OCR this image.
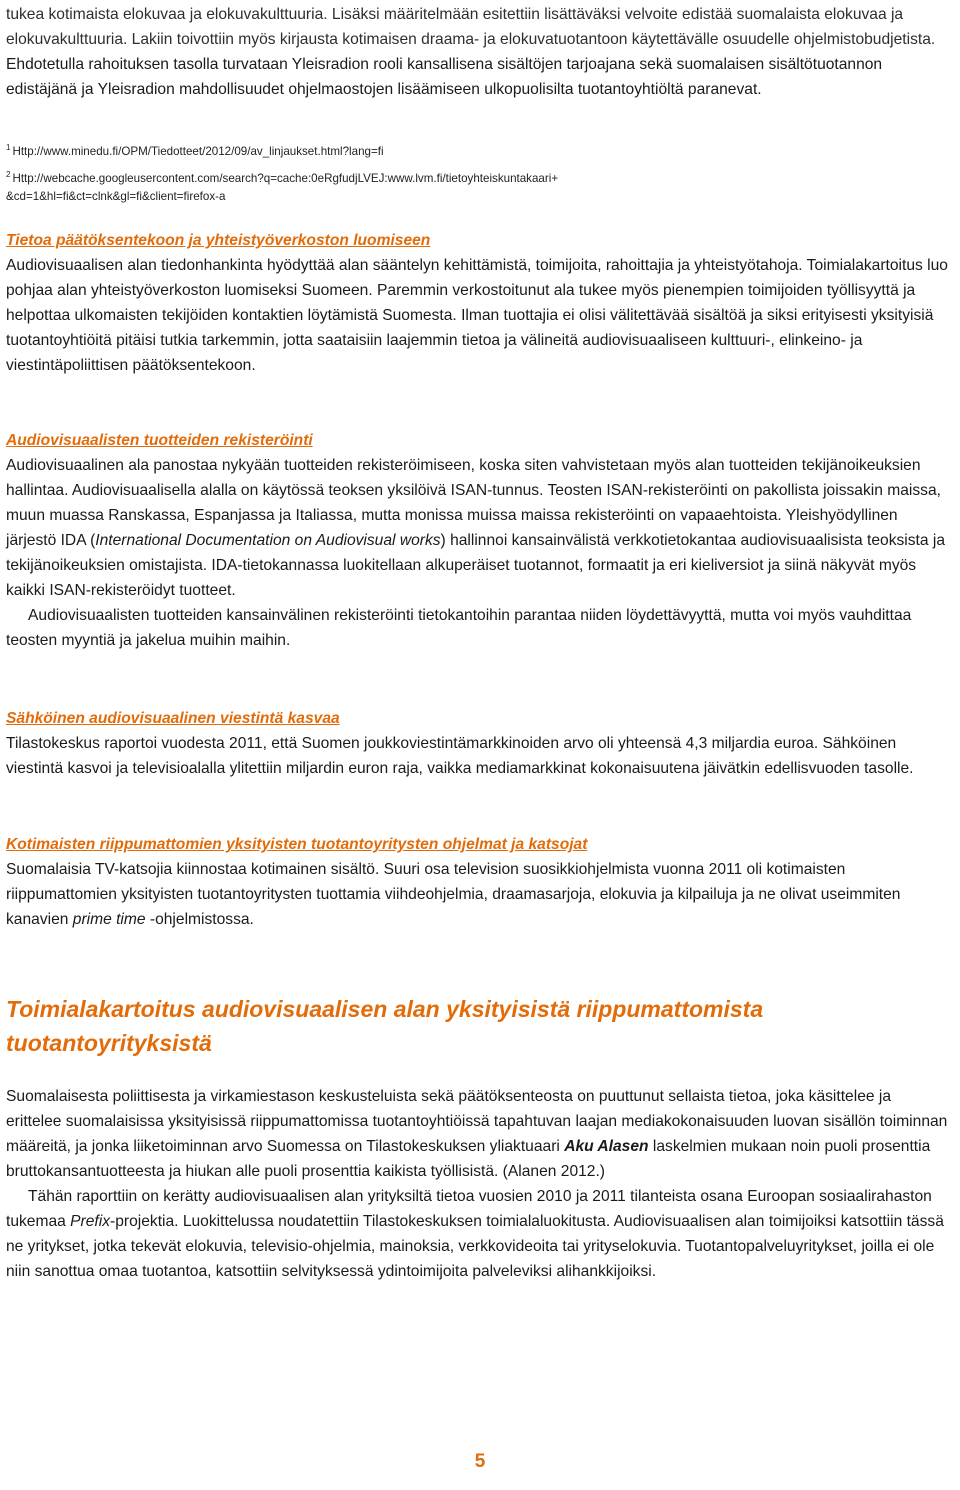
tukea kotimaista elokuvaa ja elokuvakulttuuria. Lisäksi määritelmään esitettiin lisättäväksi velvoite edistää suomalaista elokuvaa ja elokuvakulttuuria. Lakiin toivottiin myös kirjausta kotimaisen draama- ja elokuvatuotantoon käytettävälle osuudelle ohjelmistobudjetista. Ehdotetulla rahoituksen tasolla turvataan Yleisradion rooli kansallisena sisältöjen tarjoajana sekä suomalaisen sisältötuotannon edistäjänä ja Yleisradion mahdollisuudet ohjelmaostojen lisäämiseen ulkopuolisilta tuotantoyhtiöltä paranevat.

$^1$ Http://www.minedu.fi/OPM/Tiedotteet/2012/09/av_linjaukset.html?lang=fi
$^2$ Http://webcache.googleusercontent.com/search?q=cache:0eRgfudjLVEJ:www.lvm.fi/tietoyhteiskuntakaari+
&cd=1&hl=fi&ct=clnk&gl=fi&client=firefox-a

Tietoa päätöksentekoon ja yhteistyöverkoston luomiseen

Audiovisuaalisen alan tiedonhankinta hyödyttää alan sääntelyn kehittämistä, toimijoita, rahoittajia ja yhteistyötahoja. Toimialakartoitus luo pohjaa alan yhteistyöverkoston luomiseksi Suomeen. Paremmin verkostoitunut ala tukee myös pienempien toimijoiden työllisyyttä ja helpottaa ulkomaisten tekijöiden kontaktien löytämistä Suomesta. Ilman tuottajia ei olisi välitettävää sisältöä ja siksi erityisesti yksityisiä tuotantoyhtiöitä pitäisi tutkia tarkemmin, jotta saataisiin laajemmin tietoa ja välineitä audiovisuaaliseen kulttuuri-, elinkeino- ja viestintäpoliittisen päätöksentekoon.

Audiovisuaalisten tuotteiden rekisteröinti

Audiovisuaalinen ala panostaa nykyään tuotteiden rekisteröimiseen, koska siten vahvistetaan myös alan tuotteiden tekijänoikeuksien hallintaa. Audiovisuaalisella alalla on käytössä teoksen yksilöivä ISAN-tunnus. Teosten ISAN-rekisteröinti on pakollista joissakin maissa, muun muassa Ranskassa, Espanjassa ja Italiassa, mutta monissa muissa maissa rekisteröinti on vapaaehtoista. Yleishyödyllinen järjestö IDA (International Documentation on Audiovisual works) hallinnoi kansainvälistä verkkotietokantaa audiovisuaalisista teoksista ja tekijänoikeuksien omistajista. IDA-tietokannassa luokitellaan alkuperäiset tuotannot, formaatit ja eri kieliversiot ja siinä näkyvät myös kaikki ISAN-rekisteröidyt tuotteet.

Audiovisuaalisten tuotteiden kansainvälinen rekisteröinti tietokantoihin parantaa niiden löydettävyyttä, mutta voi myös vauhdittaa teosten myyntiä ja jakelua muihin maihin.

Sähköinen audiovisuaalinen viestintä kasvaa

Tilastokeskus raportoi vuodesta 2011, että Suomen joukkoviestintämarkkinoiden arvo oli yhteensä 4,3 miljardia euroa. Sähköinen viestintä kasvoi ja televisioalalla ylitettiin miljardin euron raja, vaikka mediamarkkinat kokonaisuutena jäivätkin edellisvuoden tasolle.

Kotimaisten riippumattomien yksityisten tuotantoyritysten ohjelmat ja katsojat

Suomalaisia TV-katsojia kiinnostaa kotimainen sisältö. Suuri osa television suosikkiohjelmista vuonna 2011 oli kotimaisten riippumattomien yksityisten tuotantoyritysten tuottamia viihdeohjelmia, draamasarjoja, elokuvia ja kilpailuja ja ne olivat useimmiten kanavien prime time -ohjelmistossa.

Toimialakartoitus audiovisuaalisen alan yksityisistä riippumattomista tuotantoyrityksistä

Suomalaisesta poliittisesta ja virkamiestason keskusteluista sekä päätöksenteosta on puuttunut sellaista tietoa, joka käsittelee ja erittelee suomalaisissa yksityisissä riippumattomissa tuotantoyhtiöissä tapahtuvan laajan mediakokonaisuuden luovan sisällön toiminnan määreitä, ja jonka liiketoiminnan arvo Suomessa on Tilastokeskuksen yliaktuaari Aku Alasen laskelmien mukaan noin puoli prosenttia bruttokansantuotteesta ja hiukan alle puoli prosenttia kaikista työllisistä. (Alanen 2012.)

Tähän raporttiin on kerätty audiovisuaalisen alan yrityksiltä tietoa vuosien 2010 ja 2011 tilanteista osana Euroopan sosiaalirahaston tukemaa Prefix-projektia. Luokittelussa noudatettiin Tilastokeskuksen toimialaluokitusta. Audiovisuaalisen alan toimijoiksi katsottiin tässä ne yritykset, jotka tekevät elokuvia, televisio-ohjelmia, mainoksia, verkkovideoita tai yrityselokuvia. Tuotantopalveluyritykset, joilla ei ole niin sanottua omaa tuotantoa, katsottiin selvityksessä ydintoimijoita palveleviksi alihankkijoiksi.

5
